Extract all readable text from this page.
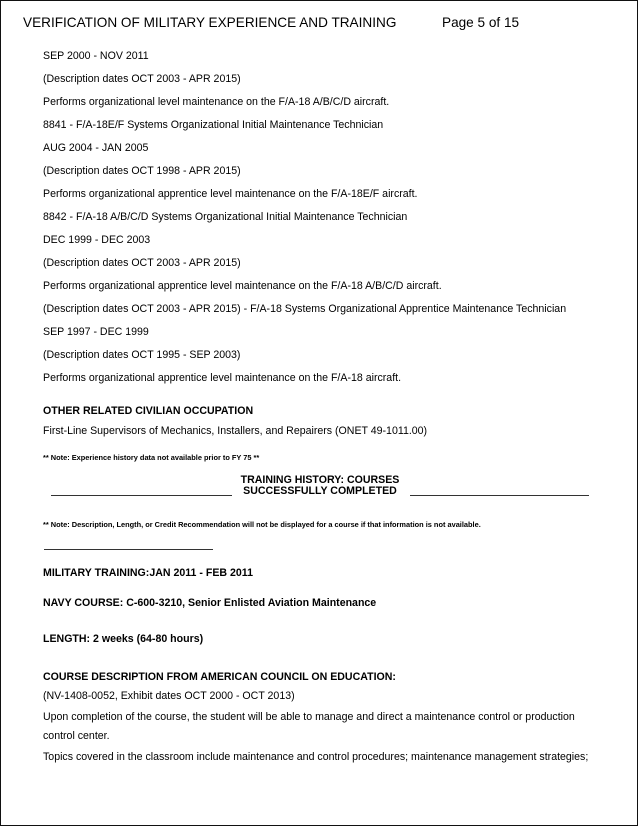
VERIFICATION OF MILITARY EXPERIENCE AND TRAINING	Page 5 of 15
SEP 2000 - NOV 2011
(Description dates OCT 2003 - APR 2015)
Performs organizational level maintenance on the F/A-18 A/B/C/D aircraft.
8841 - F/A-18E/F Systems Organizational Initial Maintenance Technician
AUG 2004 - JAN 2005
(Description dates OCT 1998 - APR 2015)
Performs organizational apprentice level maintenance on the F/A-18E/F aircraft.
8842 - F/A-18 A/B/C/D Systems Organizational Initial Maintenance Technician
DEC 1999 - DEC 2003
(Description dates OCT 2003 - APR 2015)
Performs organizational apprentice level maintenance on the F/A-18 A/B/C/D aircraft.
(Description dates OCT 2003 - APR 2015) - F/A-18 Systems Organizational Apprentice Maintenance Technician
SEP 1997 - DEC 1999
(Description dates OCT 1995 - SEP 2003)
Performs organizational apprentice level maintenance on the F/A-18 aircraft.
OTHER RELATED CIVILIAN OCCUPATION
First-Line Supervisors of Mechanics, Installers, and Repairers (ONET 49-1011.00)
** Note: Experience history data not available prior to FY 75 **
TRAINING HISTORY: COURSES
SUCCESSFULLY COMPLETED
** Note: Description, Length, or Credit Recommendation will not be displayed for a course if that information is not available.
MILITARY TRAINING:JAN 2011 - FEB 2011
NAVY COURSE: C-600-3210, Senior Enlisted Aviation Maintenance
LENGTH: 2 weeks (64-80 hours)
COURSE DESCRIPTION FROM AMERICAN COUNCIL ON EDUCATION:
(NV-1408-0052, Exhibit dates OCT 2000 - OCT 2013)
Upon completion of the course, the student will be able to manage and direct a maintenance control or production
control center.
Topics covered in the classroom include maintenance and control procedures; maintenance management strategies;
